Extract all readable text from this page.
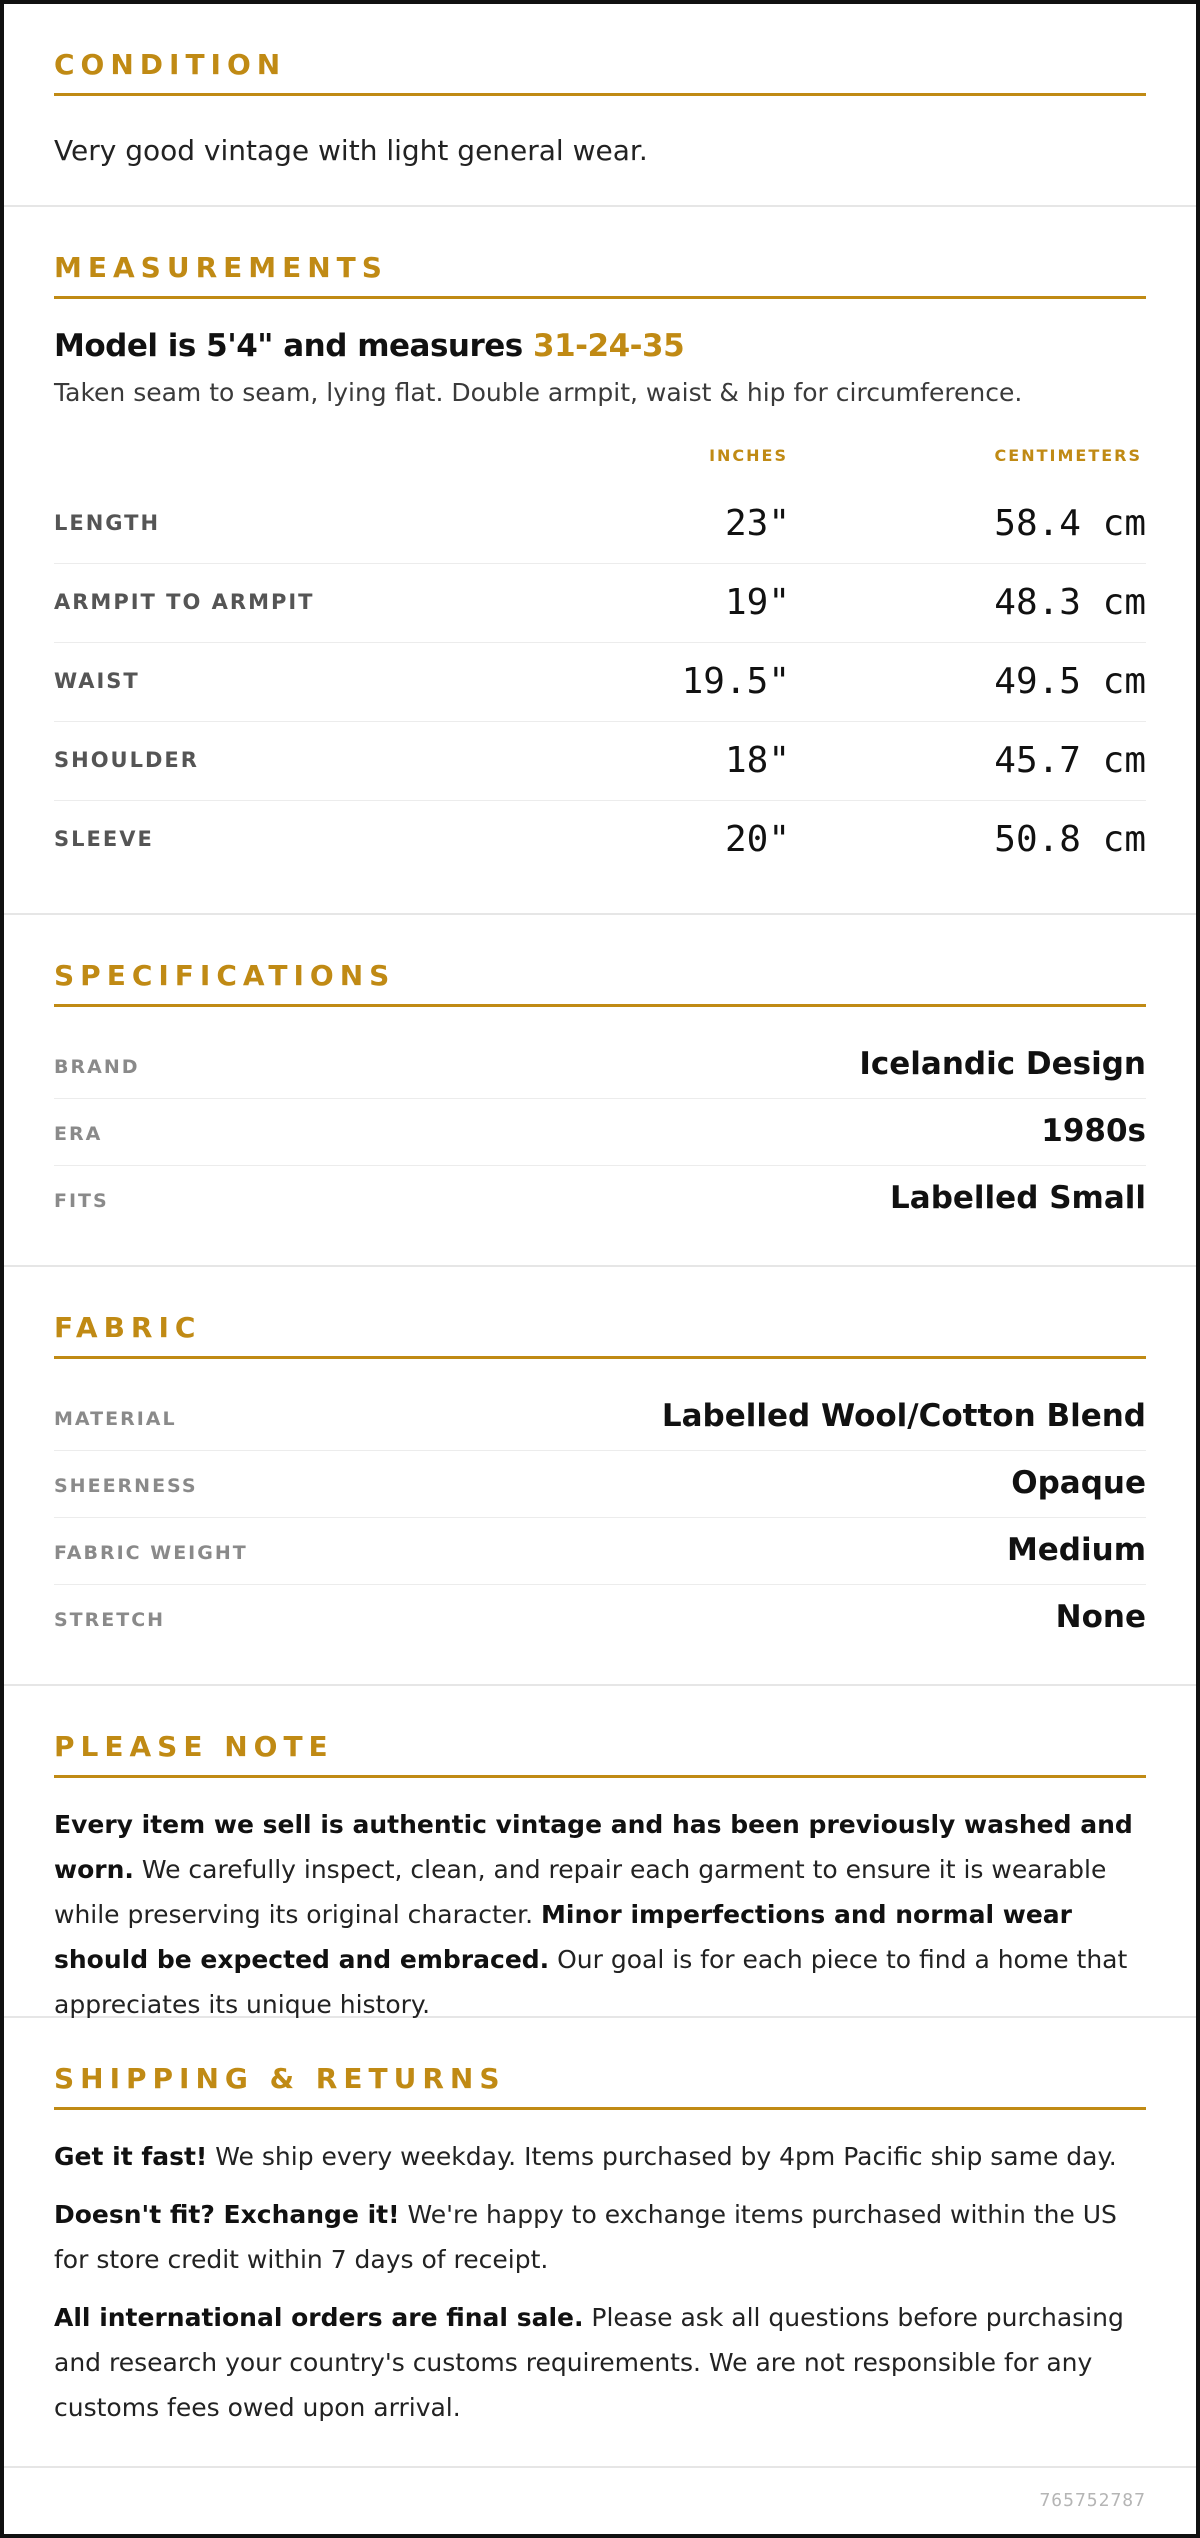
CONDITION
Very good vintage with light general wear.
MEASUREMENTS
Model is 5'4" and measures 31-24-35
Taken seam to seam, lying flat. Double armpit, waist & hip for circumference.
INCHES	CENTIMETERS
LENGTH	23"	58.4 cm
ARMPIT TO ARMPIT	19"	48.3 cm
WAIST	19.5"	49.5 cm
SHOULDER	18"	45.7 cm
SLEEVE	20"	50.8 cm
SPECIFICATIONS
BRAND	Icelandic Design
ERA	1980s
FITS	Labelled Small
FABRIC
MATERIAL	Labelled Wool/Cotton Blend
SHEERNESS	Opaque
FABRIC WEIGHT	Medium
STRETCH	None
PLEASE NOTE
Every item we sell is authentic vintage and has been previously washed and worn. We carefully inspect, clean, and repair each garment to ensure it is wearable while preserving its original character. Minor imperfections and normal wear should be expected and embraced. Our goal is for each piece to find a home that appreciates its unique history.
SHIPPING & RETURNS
Get it fast! We ship every weekday. Items purchased by 4pm Pacific ship same day.
Doesn't fit? Exchange it! We're happy to exchange items purchased within the US for store credit within 7 days of receipt.
All international orders are final sale. Please ask all questions before purchasing and research your country's customs requirements. We are not responsible for any customs fees owed upon arrival.
765752787
